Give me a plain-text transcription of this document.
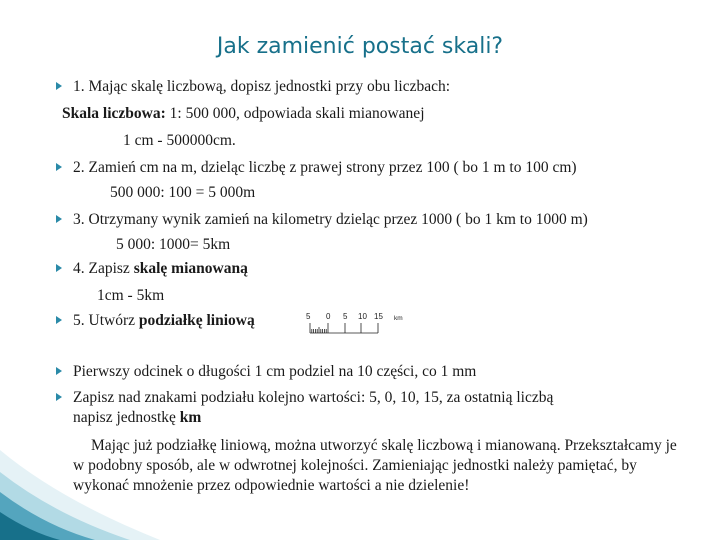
Jak zamienić postać skali?
1. Mając skalę liczbową, dopisz jednostki przy obu liczbach:
Skala liczbowa: 1: 500 000, odpowiada skali mianowanej
1 cm - 500000cm.
2. Zamień cm na m, dzieląc liczbę z prawej strony przez 100 ( bo 1 m to 100 cm)
500 000: 100 = 5 000m
3. Otrzymany wynik zamień na kilometry dzieląc przez 1000 ( bo 1 km to 1000 m)
5 000: 1000= 5km
4. Zapisz skalę mianowaną
1cm - 5km
5. Utwórz podziałkę liniową	5 0 5 10 15 km
Pierwszy odcinek o długości 1 cm podziel na 10 części, co 1 mm
Zapisz nad znakami podziału kolejno wartości: 5, 0, 10, 15, za ostatnią liczbą
napisz jednostkę km
Mając już podziałkę liniową, można utworzyć skalę liczbową i mianowaną. Przekształcamy je w podobny sposób, ale w odwrotnej kolejności. Zamieniając jednostki należy pamiętać, by wykonać mnożenie przez odpowiednie wartości a nie dzielenie!
